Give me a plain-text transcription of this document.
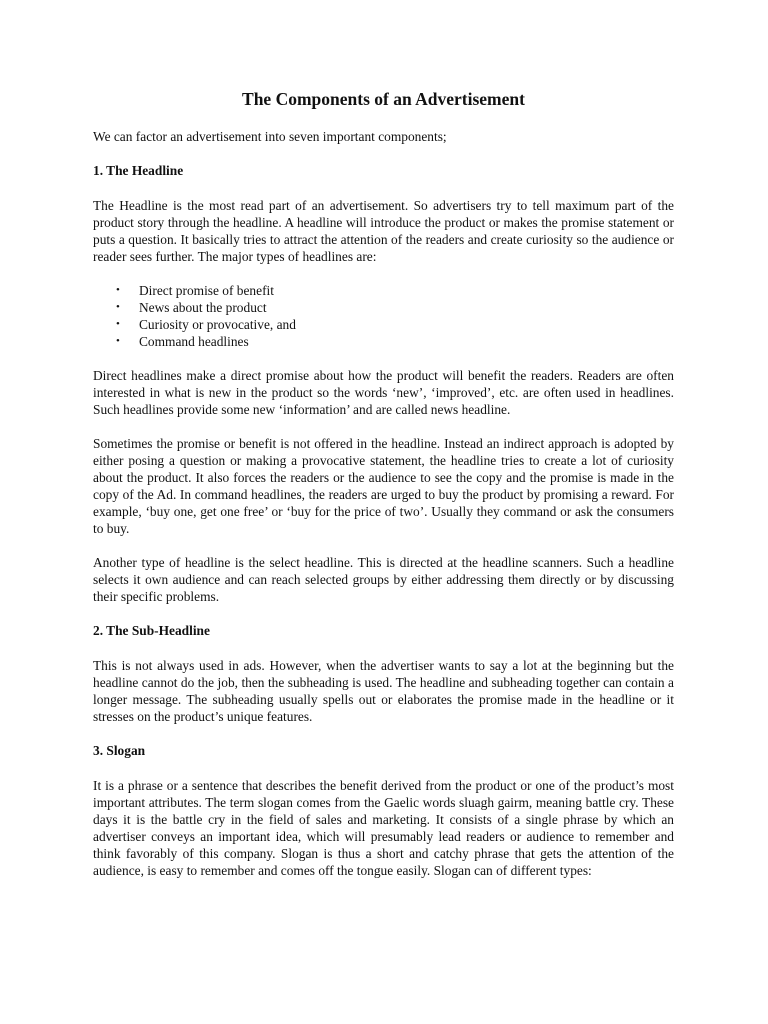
The Components of an Advertisement

We can factor an advertisement into seven important components;

1. The Headline

The Headline is the most read part of an advertisement. So advertisers try to tell maximum part of the product story through the headline. A headline will introduce the product or makes the promise statement or puts a question. It basically tries to attract the attention of the readers and create curiosity so the audience or reader sees further. The major types of headlines are:

• Direct promise of benefit
• News about the product
• Curiosity or provocative, and
• Command headlines

Direct headlines make a direct promise about how the product will benefit the readers. Readers are often interested in what is new in the product so the words ‘new’, ‘improved’, etc. are often used in headlines. Such headlines provide some new ‘information’ and are called news headline.

Sometimes the promise or benefit is not offered in the headline. Instead an indirect approach is adopted by either posing a question or making a provocative statement, the headline tries to create a lot of curiosity about the product. It also forces the readers or the audience to see the copy and the promise is made in the copy of the Ad. In command headlines, the readers are urged to buy the product by promising a reward. For example, ‘buy one, get one free’ or ‘buy for the price of two’. Usually they command or ask the consumers to buy.

Another type of headline is the select headline. This is directed at the headline scanners. Such a headline selects it own audience and can reach selected groups by either addressing them directly or by discussing their specific problems.

2. The Sub-Headline

This is not always used in ads. However, when the advertiser wants to say a lot at the beginning but the headline cannot do the job, then the subheading is used. The headline and subheading together can contain a longer message. The subheading usually spells out or elaborates the promise made in the headline or it stresses on the product’s unique features.

3. Slogan

It is a phrase or a sentence that describes the benefit derived from the product or one of the product’s most important attributes. The term slogan comes from the Gaelic words sluagh gairm, meaning battle cry. These days it is the battle cry in the field of sales and marketing. It consists of a single phrase by which an advertiser conveys an important idea, which will presumably lead readers or audience to remember and think favorably of this company. Slogan is thus a short and catchy phrase that gets the attention of the audience, is easy to remember and comes off the tongue easily. Slogan can of different types:
